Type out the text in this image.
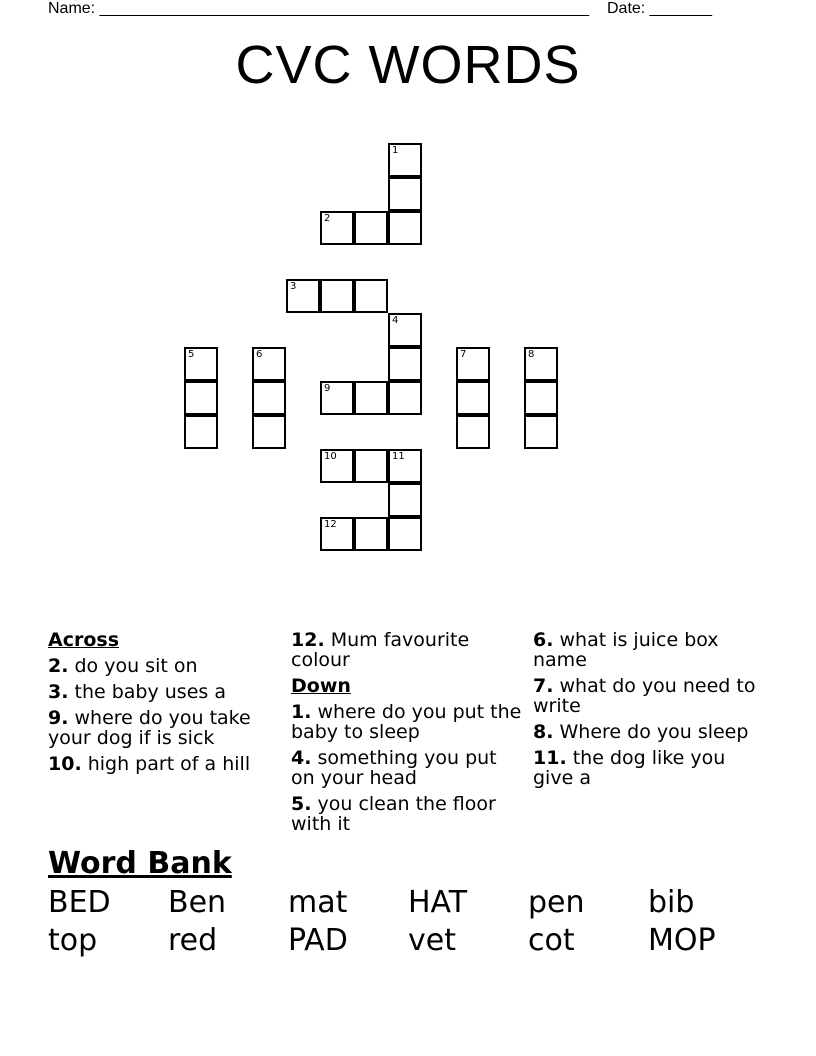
Name: _______________________________________________________ Date: _______
CVC WORDS
1
2
3
4
5	6	7	8
9
10	11
12
Across
2. do you sit on
3. the baby uses a
9. where do you take your dog if is sick
10. high part of a hill
12. Mum favourite colour
Down
1. where do you put the baby to sleep
4. something you put on your head
5. you clean the floor with it
6. what is juice box name
7. what do you need to write
8. Where do you sleep
11. the dog like you give a
Word Bank
BED	Ben	mat	HAT	pen	bib
top	red	PAD	vet	cot	MOP
